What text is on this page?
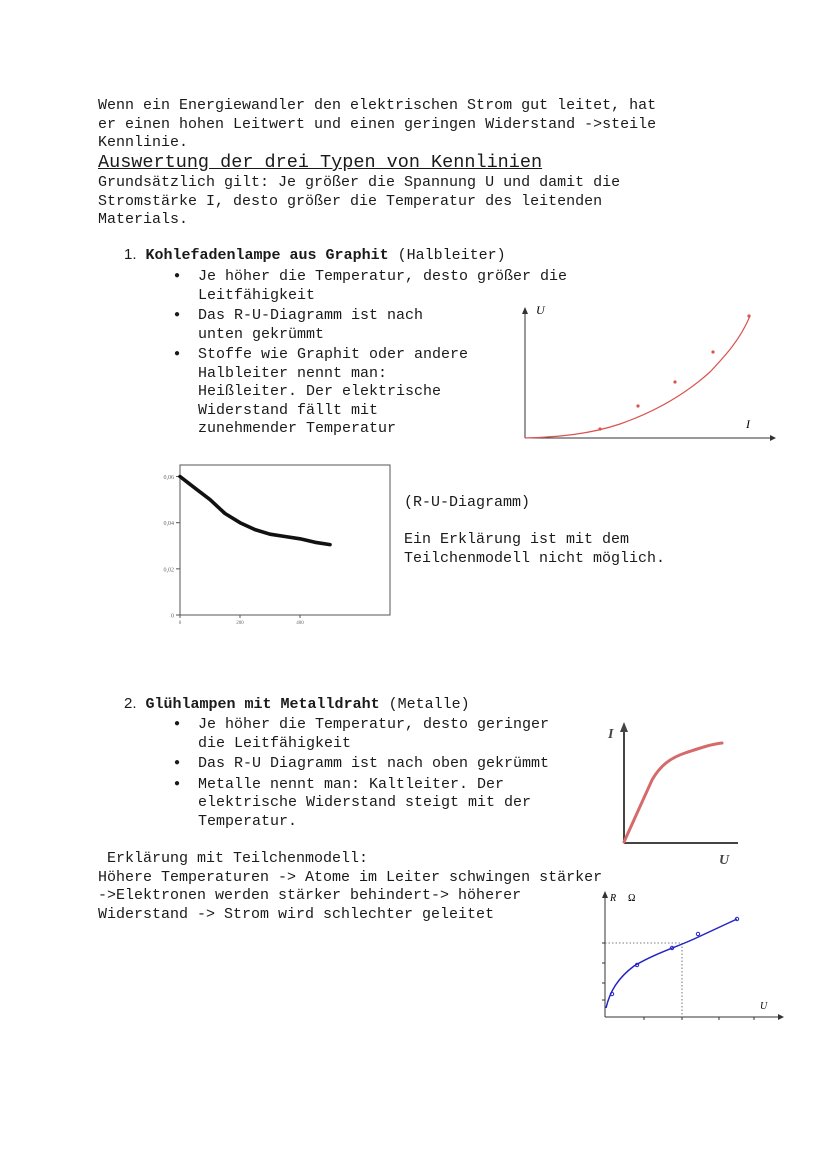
Wenn ein Energiewandler den elektrischen Strom gut leitet, hat
er einen hohen Leitwert und einen geringen Widerstand ->steile
Kennlinie.
Auswertung der drei Typen von Kennlinien
Grundsätzlich gilt: Je größer die Spannung U und damit die
Stromstärke I, desto größer die Temperatur des leitenden
Materials.
1. Kohlefadenlampe aus Graphit (Halbleiter)
● Je höher die Temperatur, desto größer die
Leitfähigkeit
● Das R-U-Diagramm ist nach
unten gekrümmt
● Stoffe wie Graphit oder andere
Halbleiter nennt man:
Heißleiter. Der elektrische
Widerstand fällt mit
zunehmender Temperatur
U
I
0,06
0,04
0,02
0
0	200	400
(R-U-Diagramm)
Ein Erklärung ist mit dem
Teilchenmodell nicht möglich.
2. Glühlampen mit Metalldraht (Metalle)
● Je höher die Temperatur, desto geringer
die Leitfähigkeit
● Das R-U Diagramm ist nach oben gekrümmt
● Metalle nennt man: Kaltleiter. Der
elektrische Widerstand steigt mit der
Temperatur.
I
U
Erklärung mit Teilchenmodell:
Höhere Temperaturen -> Atome im Leiter schwingen stärker
->Elektronen werden stärker behindert-> höherer
Widerstand -> Strom wird schlechter geleitet
R Ω
U
